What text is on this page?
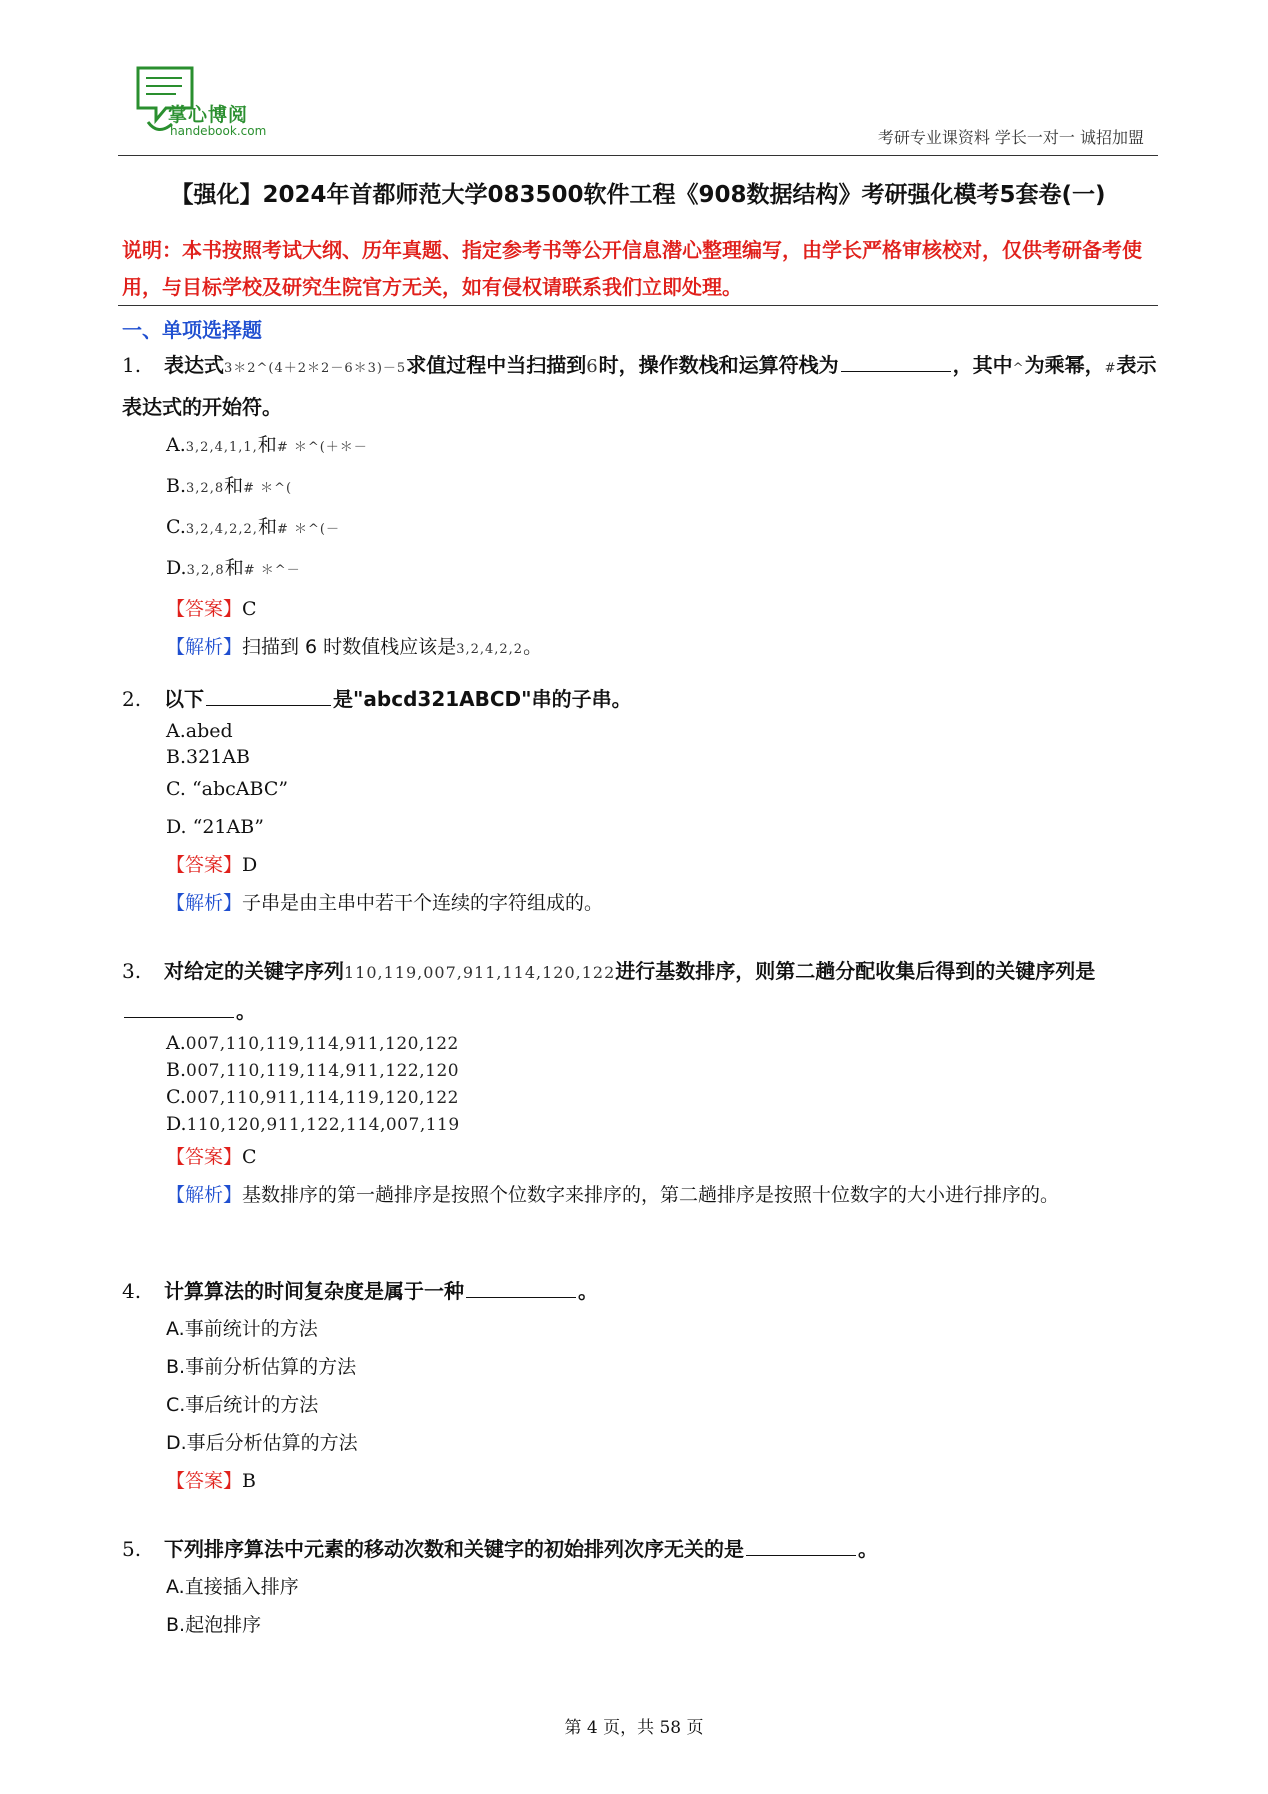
掌心博阅
handebook.com	考研专业课资料 学长一对一 诚招加盟
【强化】2024年首都师范大学083500软件工程《908数据结构》考研强化模考5套卷(一)
说明：本书按照考试大纲、历年真题、指定参考书等公开信息潜心整理编写，由学长严格审核校对，仅供考研备考使用，与目标学校及研究生院官方无关，如有侵权请联系我们立即处理。
一、单项选择题
1. 表达式3＊2^(4＋2＊2－6＊3)－5求值过程中当扫描到6时，操作数栈和运算符栈为	，其中^为乘幂，#表示表达式的开始符。
A.3,2,4,1,1,和# ＊^(＋＊－
B.3,2,8和# ＊^(
C.3,2,4,2,2,和# ＊^(－
D.3,2,8和# ＊^－
【答案】C
【解析】扫描到 6 时数值栈应该是3,2,4,2,2。
2. 以下	是"abcd321ABCD"串的子串。
A.abed
B.321AB
C. “abcABC”
D. “21AB”
【答案】D
【解析】子串是由主串中若干个连续的字符组成的。
3. 对给定的关键字序列110,119,007,911,114,120,122进行基数排序，则第二趟分配收集后得到的关键序列是。
A.007,110,119,114,911,120,122
B.007,110,119,114,911,122,120
C.007,110,911,114,119,120,122
D.110,120,911,122,114,007,119
【答案】C
【解析】基数排序的第一趟排序是按照个位数字来排序的，第二趟排序是按照十位数字的大小进行排序的。
4. 计算算法的时间复杂度是属于一种	。
A.事前统计的方法
B.事前分析估算的方法
C.事后统计的方法
D.事后分析估算的方法
【答案】B
5. 下列排序算法中元素的移动次数和关键字的初始排列次序无关的是	。
A.直接插入排序
B.起泡排序
第 4 页，共 58 页
